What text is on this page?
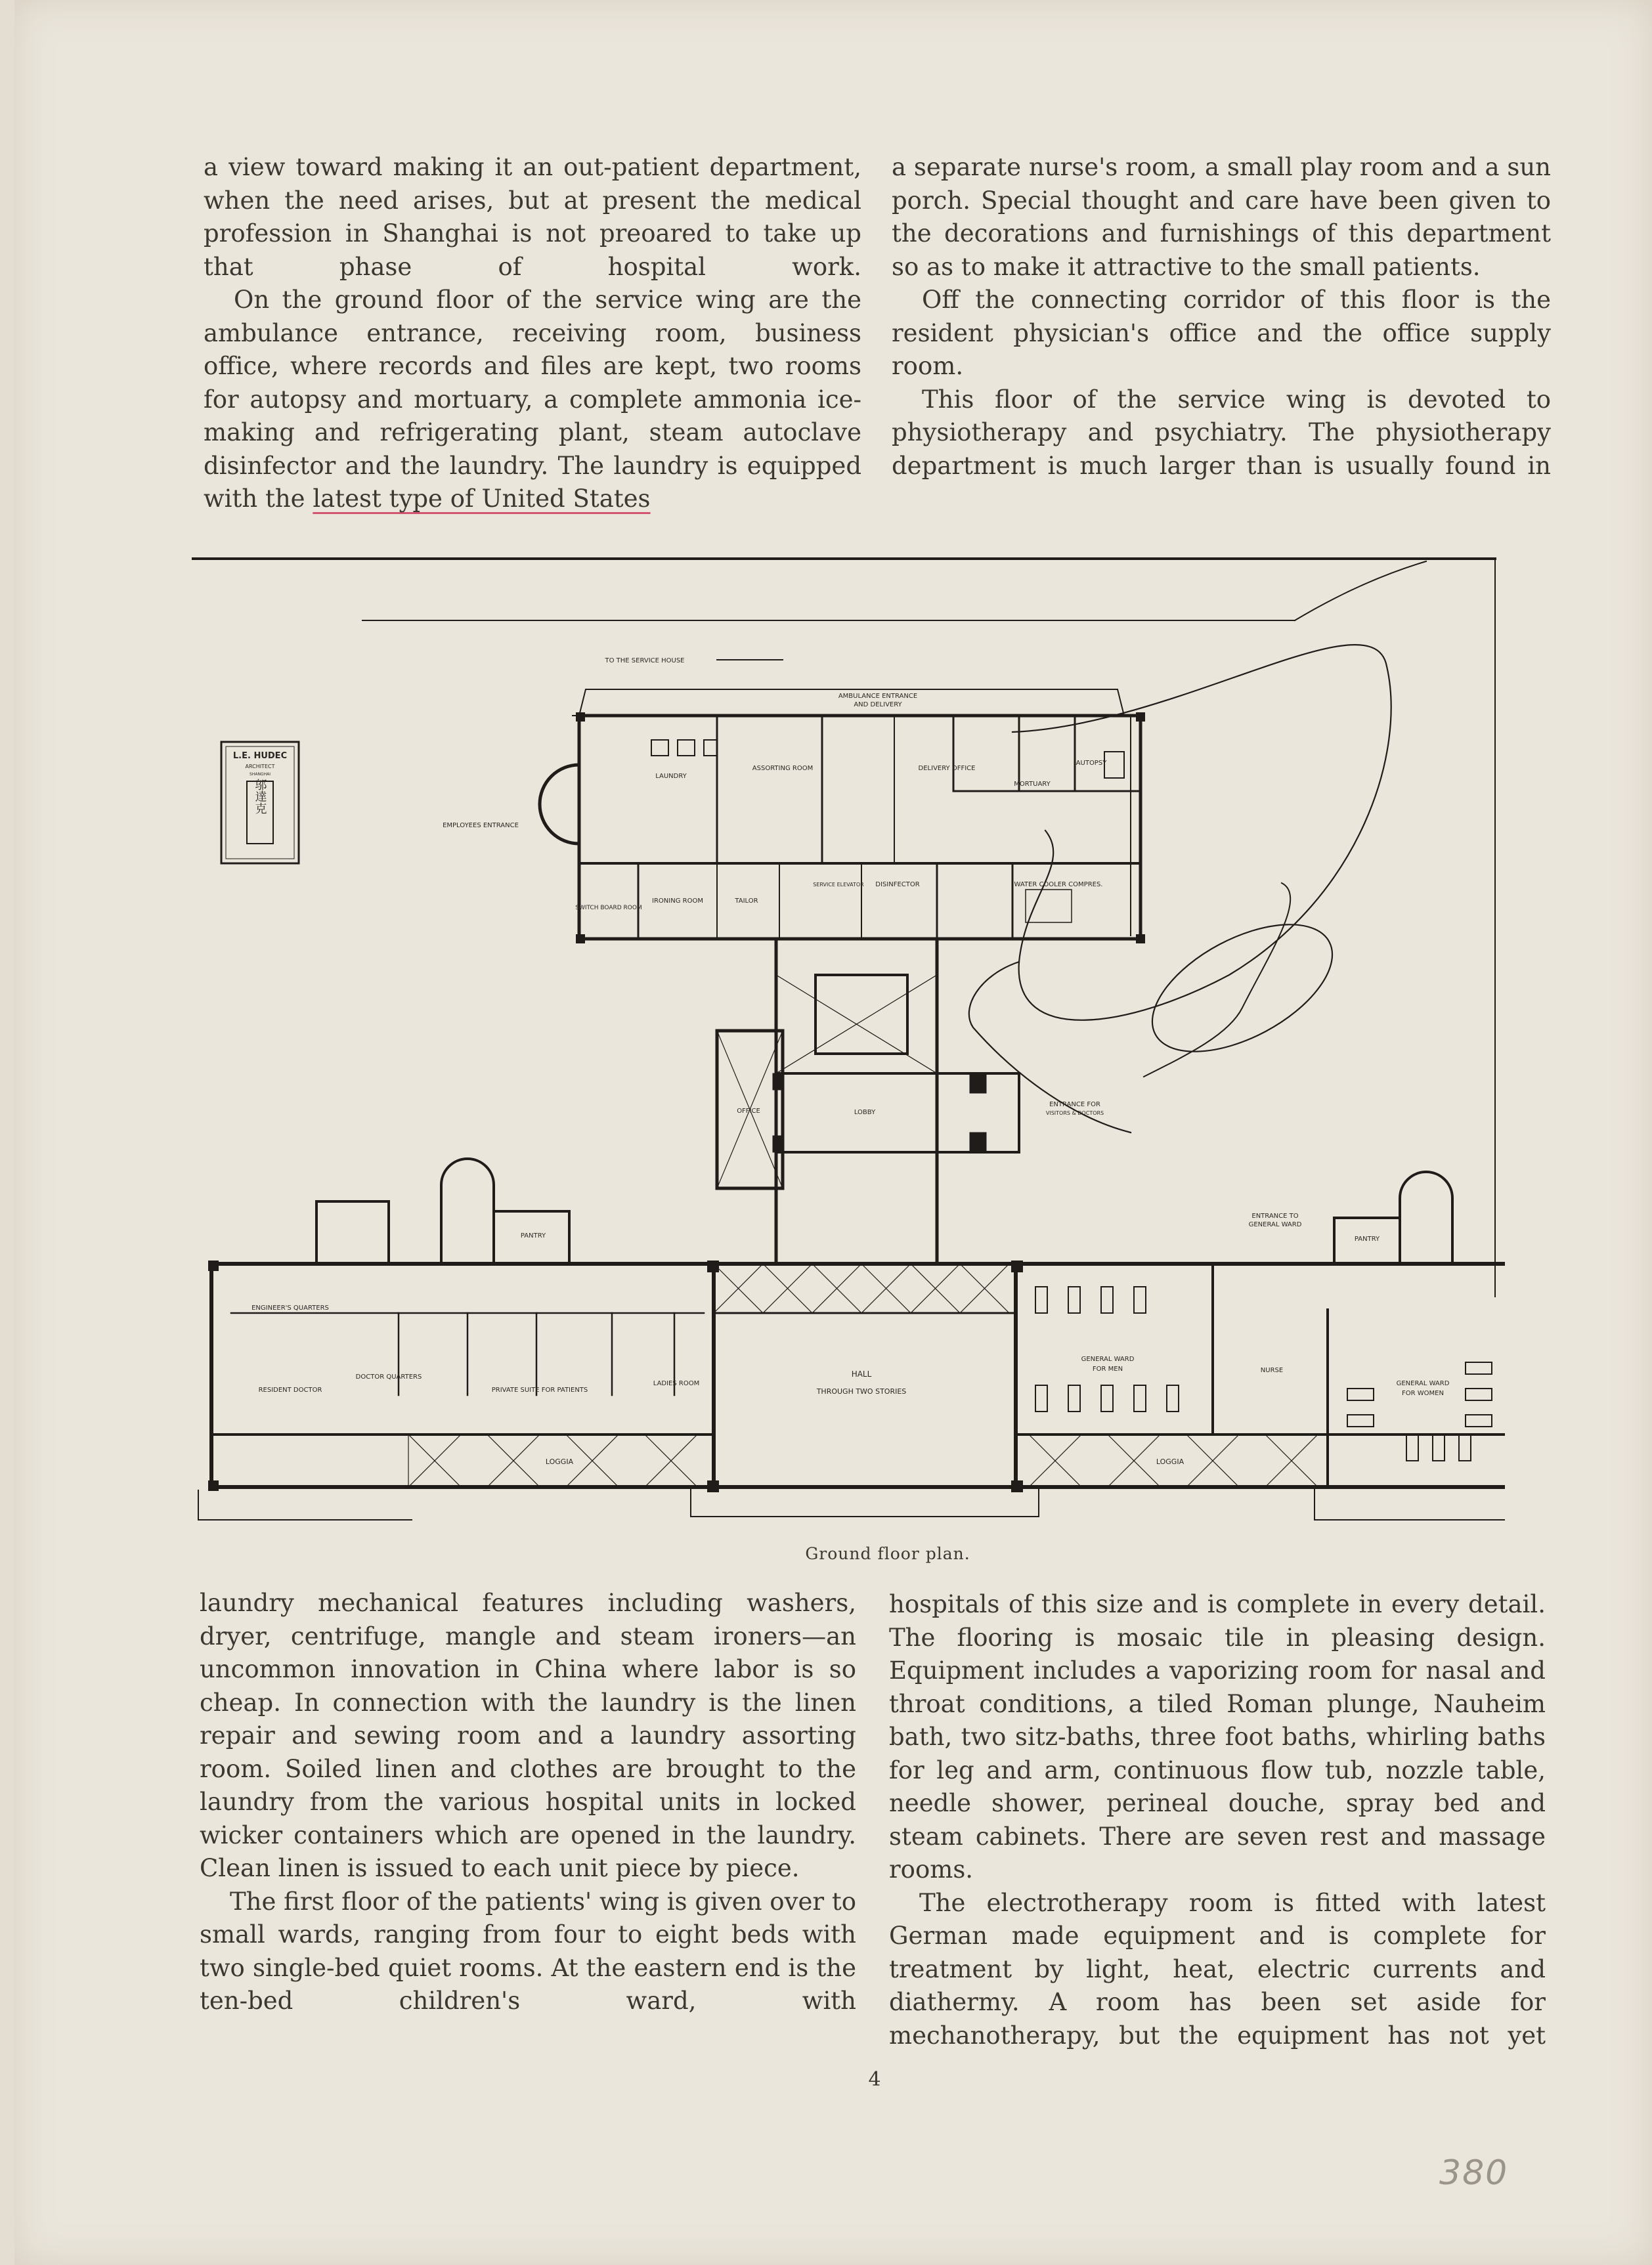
a view toward making it an out-patient department, when the need arises, but at present the medical profession in Shanghai is not preoared to take up that phase of hospital work.

On the ground floor of the service wing are the ambulance entrance, receiving room, business office, where records and files are kept, two rooms for autopsy and mortuary, a complete ammonia ice-making and refrigerating plant, steam autoclave disinfector and the laundry. The laundry is equipped with the latest type of United States

a separate nurse's room, a small play room and a sun porch. Special thought and care have been given to the decorations and furnishings of this department so as to make it attractive to the small patients.

Off the connecting corridor of this floor is the resident physician's office and the office supply room.

This floor of the service wing is devoted to physiotherapy and psychiatry. The physiotherapy department is much larger than is usually found in

L.E. HUDEC
ARCHITECT
SHANGHAI
邬達克
TO THE SERVICE HOUSE
AMBULANCE ENTRANCE
AND DELIVERY
EMPLOYEES ENTRANCE
LAUNDRY
ASSORTING ROOM	DELIVERY OFFICE
MORTUARY
AUTOPSY
SWITCH BOARD ROOM
IRONING ROOM	TAILOR
SERVICE ELEVATOR DISINFECTOR	WATER COOLER COMPRES.
OFFICE	LOBBY
ENTRANCE FOR
VISITORS & DOCTORS
ENTRANCE TO
GENERAL WARD
PANTRY	PANTRY
ENGINEER'S QUARTERS
DOCTOR QUARTERS
RESIDENT DOCTOR	PRIVATE SUITE FOR PATIENTS
LADIES ROOM
HALL
THROUGH TWO STORIES
GENERAL WARD
FOR MEN	NURSE
GENERAL WARD
FOR WOMEN
LOGGIA	LOGGIA
Ground floor plan.

laundry mechanical features including washers, dryer, centrifuge, mangle and steam ironers—an uncommon innovation in China where labor is so cheap. In connection with the laundry is the linen repair and sewing room and a laundry assorting room. Soiled linen and clothes are brought to the laundry from the various hospital units in locked wicker containers which are opened in the laundry. Clean linen is issued to each unit piece by piece.

The first floor of the patients' wing is given over to small wards, ranging from four to eight beds with two single-bed quiet rooms. At the eastern end is the ten-bed children's ward, with

hospitals of this size and is complete in every detail. The flooring is mosaic tile in pleasing design. Equipment includes a vaporizing room for nasal and throat conditions, a tiled Roman plunge, Nauheim bath, two sitz-baths, three foot baths, whirling baths for leg and arm, continuous flow tub, nozzle table, needle shower, perineal douche, spray bed and steam cabinets. There are seven rest and massage rooms.

The electrotherapy room is fitted with latest German made equipment and is complete for treatment by light, heat, electric currents and diathermy. A room has been set aside for mechanotherapy, but the equipment has not yet

4
380
